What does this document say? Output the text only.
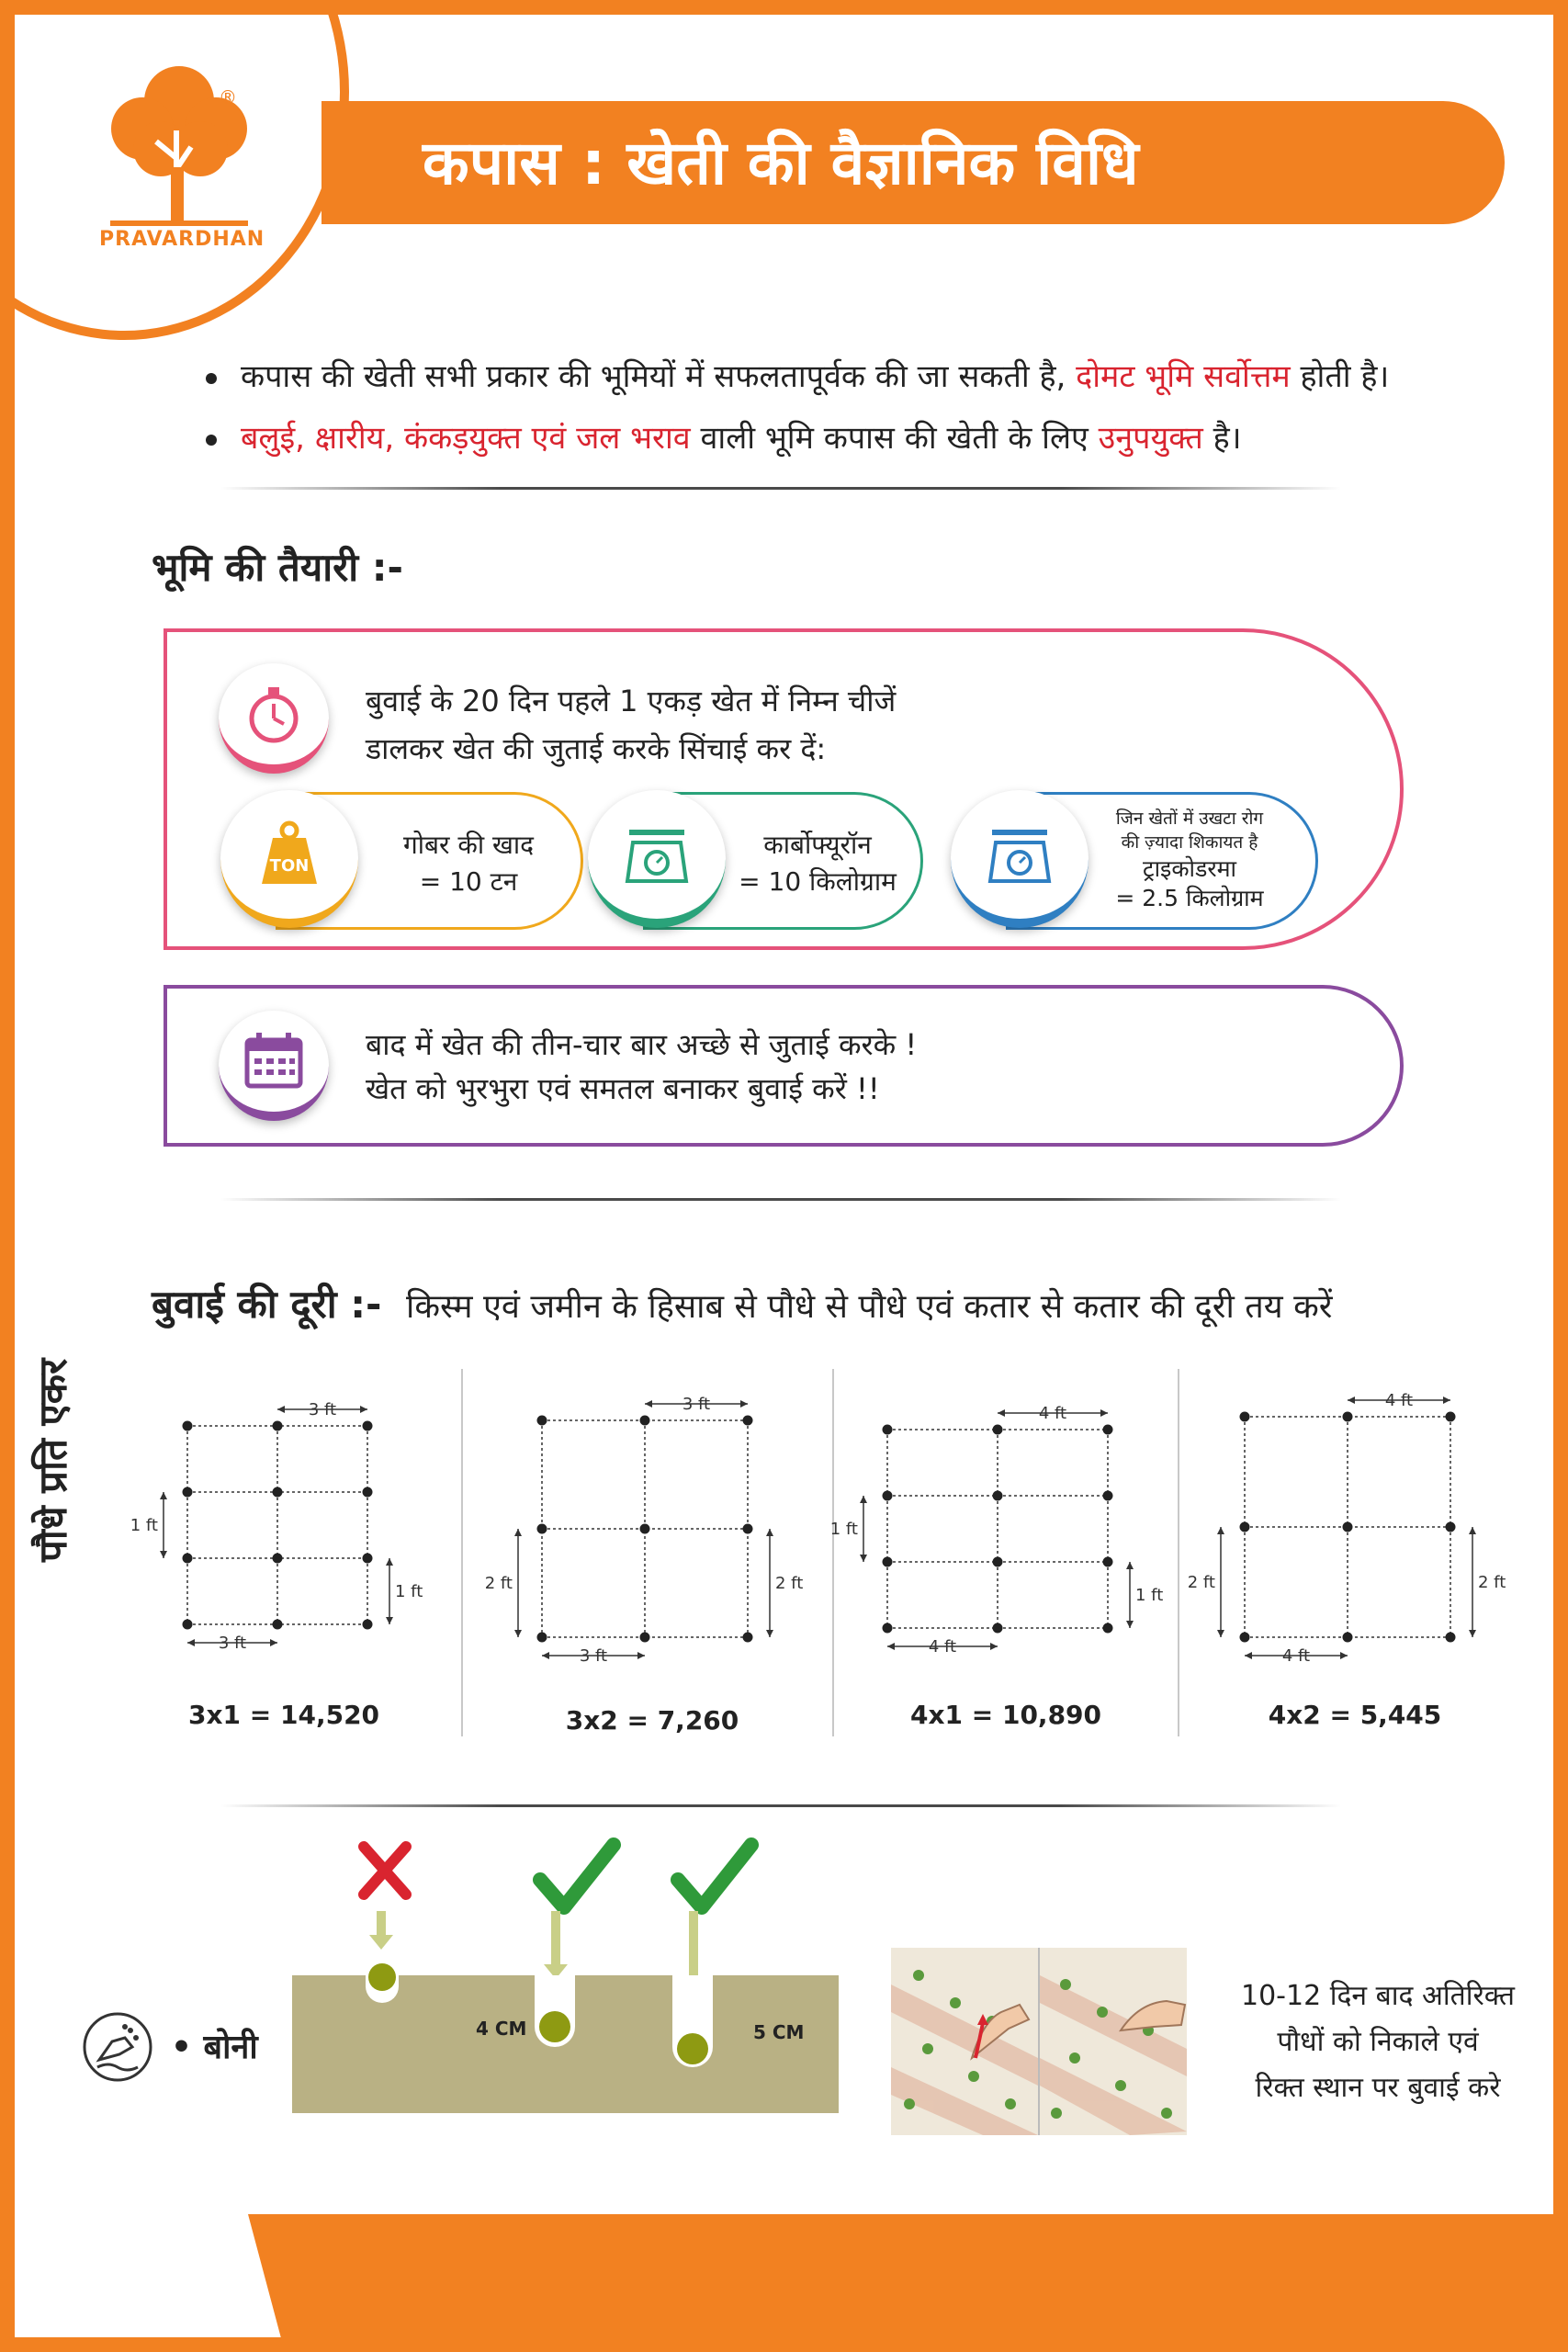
®
PRAVARDHAN
कपास : खेती की वैज्ञानिक विधि
कपास की खेती सभी प्रकार की भूमियों में सफलतापूर्वक की जा सकती है, दोमट भूमि सर्वोत्तम होती है।
बलुई, क्षारीय, कंकड़युक्त एवं जल भराव वाली भूमि कपास की खेती के लिए उनुपयुक्त है।
भूमि की तैयारी :-
बुवाई के 20 दिन पहले 1 एकड़ खेत में निम्न चीजें
डालकर खेत की जुताई करके सिंचाई कर दें:
TON
गोबर की खाद
= 10 टन
कार्बोफ्यूरॉन
= 10 किलोग्राम
जिन खेतों में उखटा रोग
की ज़्यादा शिकायत है
ट्राइकोडरमा
= 2.5 किलोग्राम
बाद में खेत की तीन-चार बार अच्छे से जुताई करके !
खेत को भुरभुरा एवं समतल बनाकर बुवाई करें !!
बुवाई की दूरी :- किस्म एवं जमीन के हिसाब से पौधे से पौधे एवं कतार से कतार की दूरी तय करें
पौधे प्रति एकर	3 ft
3 ft
1 ft
1 ft
3 ft
3 ft
2 ft	2 ft
4 ft
4 ft
1 ft
1 ft
4 ft
4 ft
2 ft	2 ft
3x1 = 14,520	3x2 = 7,260	4x1 = 10,890	4x2 = 5,445
• बोनी	4 CM	5 CM
10-12 दिन बाद अतिरिक्त
पौधों को निकाले एवं
रिक्त स्थान पर बुवाई करे
